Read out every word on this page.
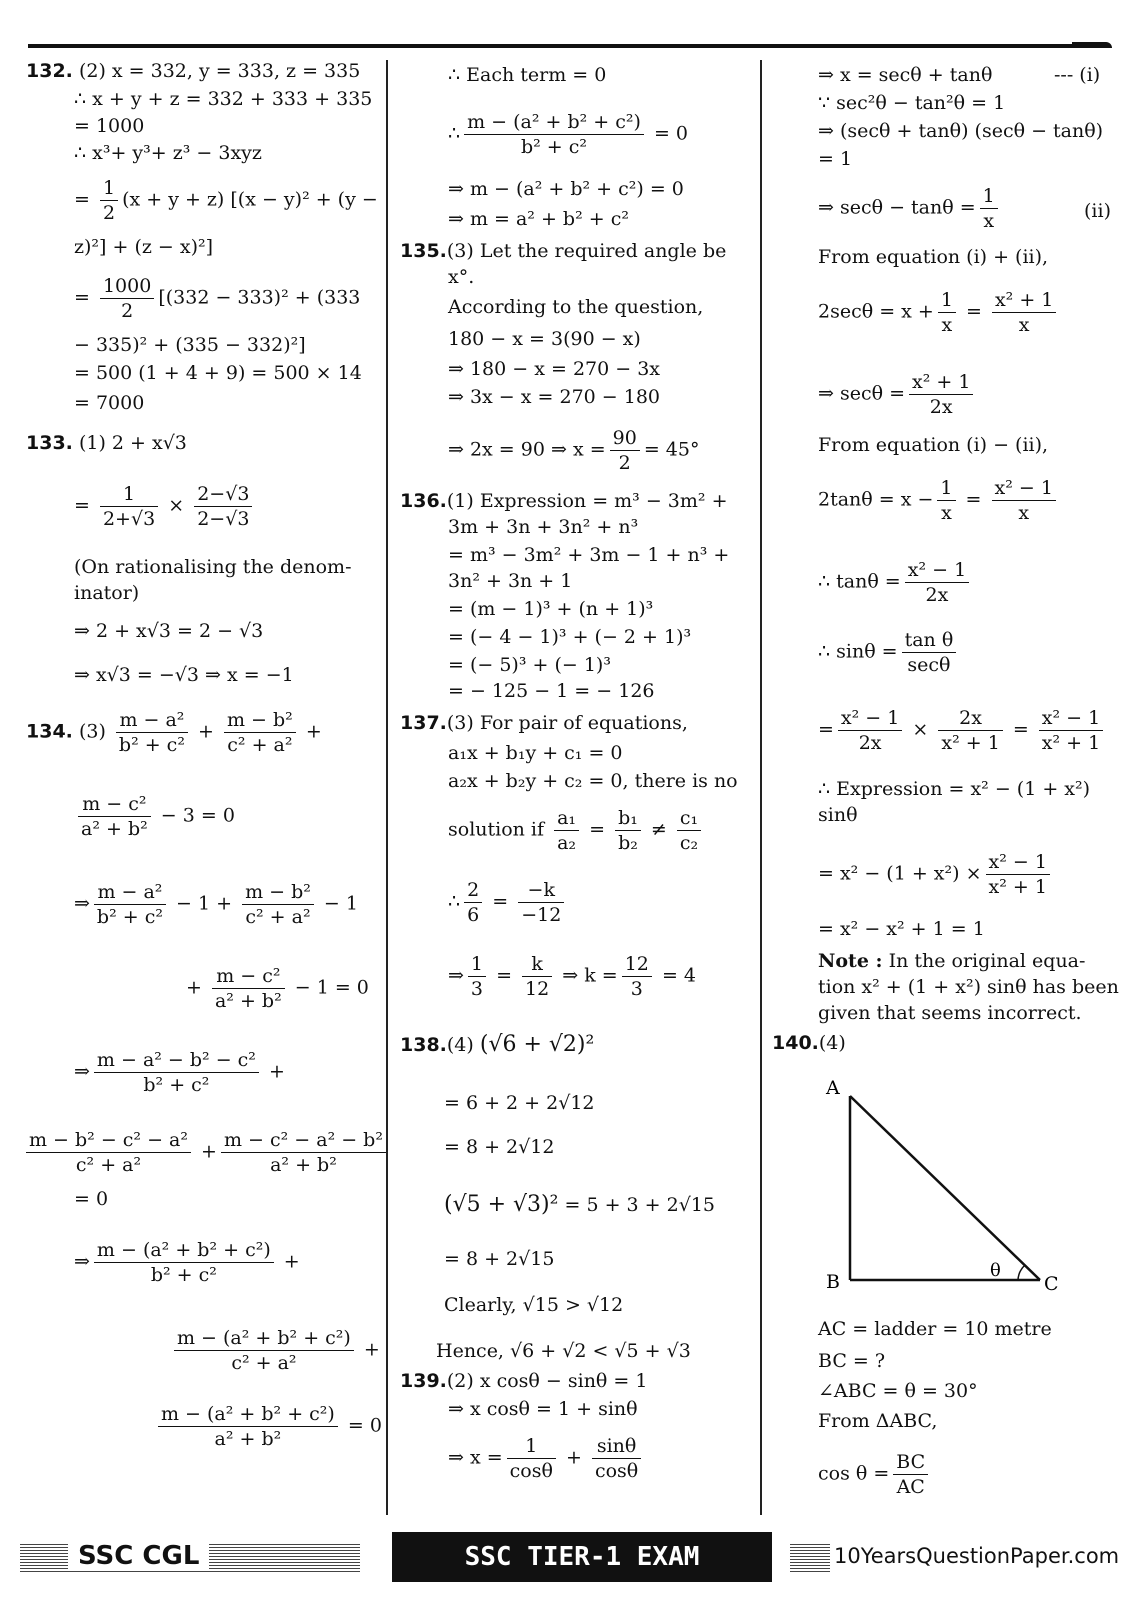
132. (2) x = 332, y = 333, z = 335
∴ x + y + z = 332 + 333 + 335
= 1000
∴ x³+ y³+ z³ − 3xyz
= $\frac{1}{2} (x + y + z) [(x - y)^2 + (y$ −
z)²] + (z − x)²]
= $\frac{1000}{2} [(332 - 333)^2 + (333$
− 335)² + (335 − 332)²]
= 500 (1 + 4 + 9) = 500 × 14
= 7000
133. (1) 2 + x√3
= $\frac{1}{2+√3} \times \frac{2-√3}{2-√3}$
(On rationalising the denom-
inator)
⇒ 2 + x√3 = 2 − √3
⇒ x√3 = −√3 ⇒ x = −1
134. $(3) \frac{\text{m − a²}}{\text{b² + c²}} + \frac{\text{m − b²}}{\text{c² + a²}}$ +
$\frac{\text{m − c²}}{\text{a² + b²}} - 3 = 0$
⇒ $\frac{\text{m − a²}}{\text{b² + c²}} - 1 + \frac{\text{m − b²}}{\text{c² + a²}} - 1$
+ $\frac{\text{m − c²}}{\text{a² + b²}} - 1 = 0$
⇒ $\frac{\text{m − a² − b² − c²}}{\text{b² + c²}}$ +
$\frac{\text{m − b² − c² − a²}}{\text{c² + a²}} + \frac{\text{m − c² − a² − b²}}{\text{a² + b²}}$
= 0
⇒ $\frac{\text{m − (a² + b² + c²)}}{\text{b² + c²}}$ +
$\frac{\text{m − (a² + b² + c²)}}{\text{c² + a²}}$ +
$\frac{\text{m − (a² + b² + c²)}}{\text{a² + b²}} = 0$
∴ Each term = 0
∴ $\frac{\text{m − (a² + b² + c²)}}{\text{b² + c²}} = 0$
⇒ m − (a² + b² + c²) = 0
⇒ m = a² + b² + c²
135.(3) Let the required angle be
x°.
According to the question,
180 − x = 3(90 − x)
⇒ 180 − x = 270 − 3x
⇒ 3x − x = 270 − 180
⇒ 2x = 90 ⇒ $x = \frac{90}{2} = 45^\circ$
136.(1) Expression = m³ − 3m² +
3m + 3n + 3n² + n³
= m³ − 3m² + 3m − 1 + n³ +
3n² + 3n + 1
= (m − 1)³ + (n + 1)³
= (− 4 − 1)³ + (− 2 + 1)³
= (− 5)³ + (− 1)³
= − 125 − 1 = − 126
137.(3) For pair of equations,
a₁x + b₁y + c₁ = 0
a₂x + b₂y + c₂ = 0, there is no
solution if $\frac{\text{a₁}}{\text{a₂}} = \frac{\text{b₁}}{\text{b₂}} \ne \frac{\text{c₁}}{\text{c₂}}$
∴ $\frac{2}{6} = \frac{-k}{-12}$
⇒ $\frac{1}{3} = \frac{k}{12}$ ⇒ $k = \frac{12}{3} = 4$
138.(4) (√6 + √2)²
= 6 + 2 + 2√12
= 8 + 2√12
(√5 + √3)² = 5 + 3 + 2√15
= 8 + 2√15
Clearly, √15 > √12
Hence, √6 + √2 < √5 + √3
139.(2) x cosθ − sinθ = 1
⇒ x cosθ = 1 + sinθ
⇒ $x = \frac{1}{\cos\theta} + \frac{\sin\theta}{\cos\theta}$
⇒ x = secθ + tanθ	--- (i)
∵ sec²θ − tan²θ = 1
⇒ (secθ + tanθ) (secθ − tanθ)
= 1
⇒ $\sec\theta - \tan\theta = \frac{1}{x}$	(ii)
From equation (i) + (ii),
$2\sec\theta = x + \frac{1}{x} = \frac{\text{x² + 1}}{x}$
⇒ $\sec\theta = \frac{\text{x² + 1}}{2x}$
From equation (i) − (ii),
$2\tan\theta = x - \frac{1}{x} = \frac{\text{x² − 1}}{x}$
∴ $\tan\theta = \frac{\text{x² − 1}}{2x}$
∴ sinθ =
tan θ
secθ
= $\frac{\text{x² − 1}}{2x} \times \frac{2x}{\text{x² + 1}} = \frac{\text{x² − 1}}{\text{x² + 1}}$
∴ Expression = x² − (1 + x²)
sinθ
= $x^2 - (1 + x^2) \times \frac{\text{x² − 1}}{\text{x² + 1}}$
= x² − x² + 1 = 1
Note : In the original equa-
tion x² + (1 + x²) sinθ has been
given that seems incorrect.
140.(4)
A
B	C
θ
AC = ladder = 10 metre
BC = ?
∠ABC = θ = 30°
From ΔABC,
$\cos \theta = \frac{BC}{AC}$
SSC CGL	SSC TIER-1 EXAM	10YearsQuestionPaper.com
